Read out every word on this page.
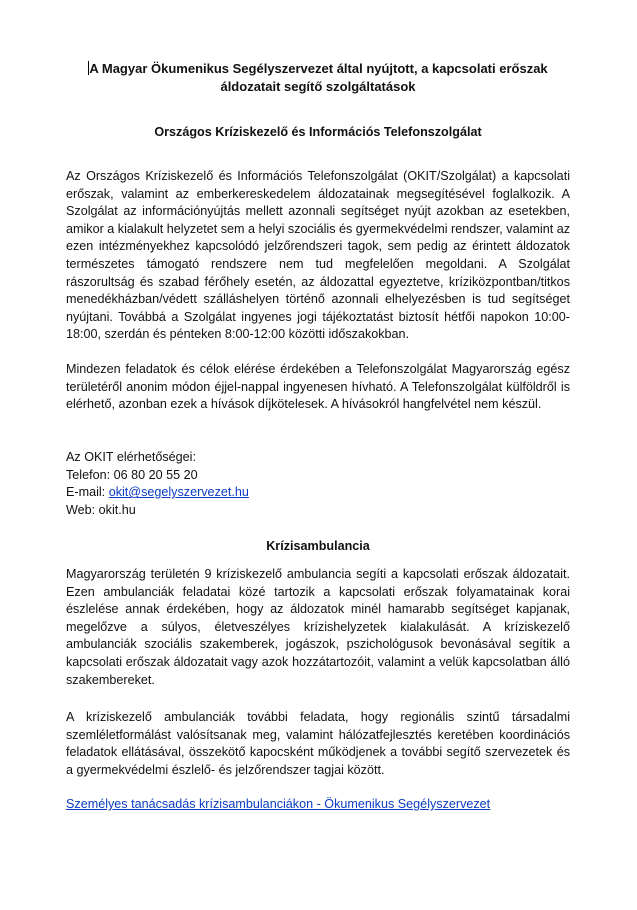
A Magyar Ökumenikus Segélyszervezet által nyújtott, a kapcsolati erőszak áldozatait segítő szolgáltatások

Országos Kríziskezelő és Információs Telefonszolgálat

Az Országos Kríziskezelő és Információs Telefonszolgálat (OKIT/Szolgálat) a kapcsolati erőszak, valamint az emberkereskedelem áldozatainak megsegítésével foglalkozik. A Szolgálat az információnyújtás mellett azonnali segítséget nyújt azokban az esetekben, amikor a kialakult helyzetet sem a helyi szociális és gyermekvédelmi rendszer, valamint az ezen intézményekhez kapcsolódó jelzőrendszeri tagok, sem pedig az érintett áldozatok természetes támogató rendszere nem tud megfelelően megoldani. A Szolgálat rászorultság és szabad férőhely esetén, az áldozattal egyeztetve, kríziközpontban/titkos menedékházban/védett szálláshelyen történő azonnali elhelyezésben is tud segítséget nyújtani. Továbbá a Szolgálat ingyenes jogi tájékoztatást biztosít hétfői napokon 10:00-18:00, szerdán és pénteken 8:00-12:00 közötti időszakokban.

Mindezen feladatok és célok elérése érdekében a Telefonszolgálat Magyarország egész területéről anonim módon éjjel-nappal ingyenesen hívható. A Telefonszolgálat külföldről is elérhető, azonban ezek a hívások díjkötelesek. A hívásokról hangfelvétel nem készül.

Az OKIT elérhetőségei:

Telefon: 06 80 20 55 20

E-mail: okit@segelyszervezet.hu

Web: okit.hu

Krízisambulancia

Magyarország területén 9 kríziskezelő ambulancia segíti a kapcsolati erőszak áldozatait. Ezen ambulanciák feladatai közé tartozik a kapcsolati erőszak folyamatainak korai észlelése annak érdekében, hogy az áldozatok minél hamarabb segítséget kapjanak, megelőzve a súlyos, életveszélyes krízishelyzetek kialakulását. A kríziskezelő ambulanciák szociális szakemberek, jogászok, pszichológusok bevonásával segítik a kapcsolati erőszak áldozatait vagy azok hozzátartozóit, valamint a velük kapcsolatban álló szakembereket.

A kríziskezelő ambulanciák további feladata, hogy regionális szintű társadalmi szemléletformálást valósítsanak meg, valamint hálózatfejlesztés keretében koordinációs feladatok ellátásával, összekötő kapocsként működjenek a további segítő szervezetek és a gyermekvédelmi észlelő- és jelzőrendszer tagjai között.

Személyes tanácsadás krízisambulanciákon - Ökumenikus Segélyszervezet
